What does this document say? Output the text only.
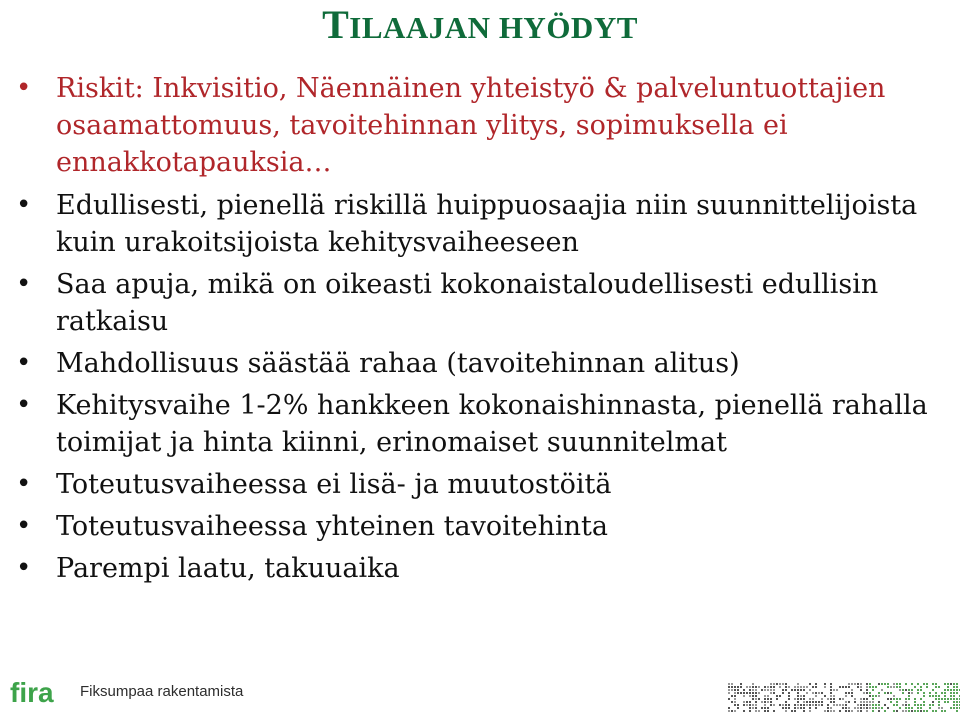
TILAAJAN HYÖDYT
• Riskit: Inkvisitio, Näennäinen yhteistyö & palveluntuottajien osaamattomuus, tavoitehinnan ylitys, sopimuksella ei ennakkotapauksia…
• Edullisesti, pienellä riskillä huippuosaajia niin suunnittelijoista kuin urakoitsijoista kehitysvaiheeseen
• Saa apuja, mikä on oikeasti kokonaistaloudellisesti edullisin ratkaisu
• Mahdollisuus säästää rahaa (tavoitehinnan alitus)
• Kehitysvaihe 1-2% hankkeen kokonaishinnasta, pienellä rahalla toimijat ja hinta kiinni, erinomaiset suunnitelmat
• Toteutusvaiheessa ei lisä- ja muutostöitä
• Toteutusvaiheessa yhteinen tavoitehinta
• Parempi laatu, takuuaika
fira Fiksumpaa rakentamista
